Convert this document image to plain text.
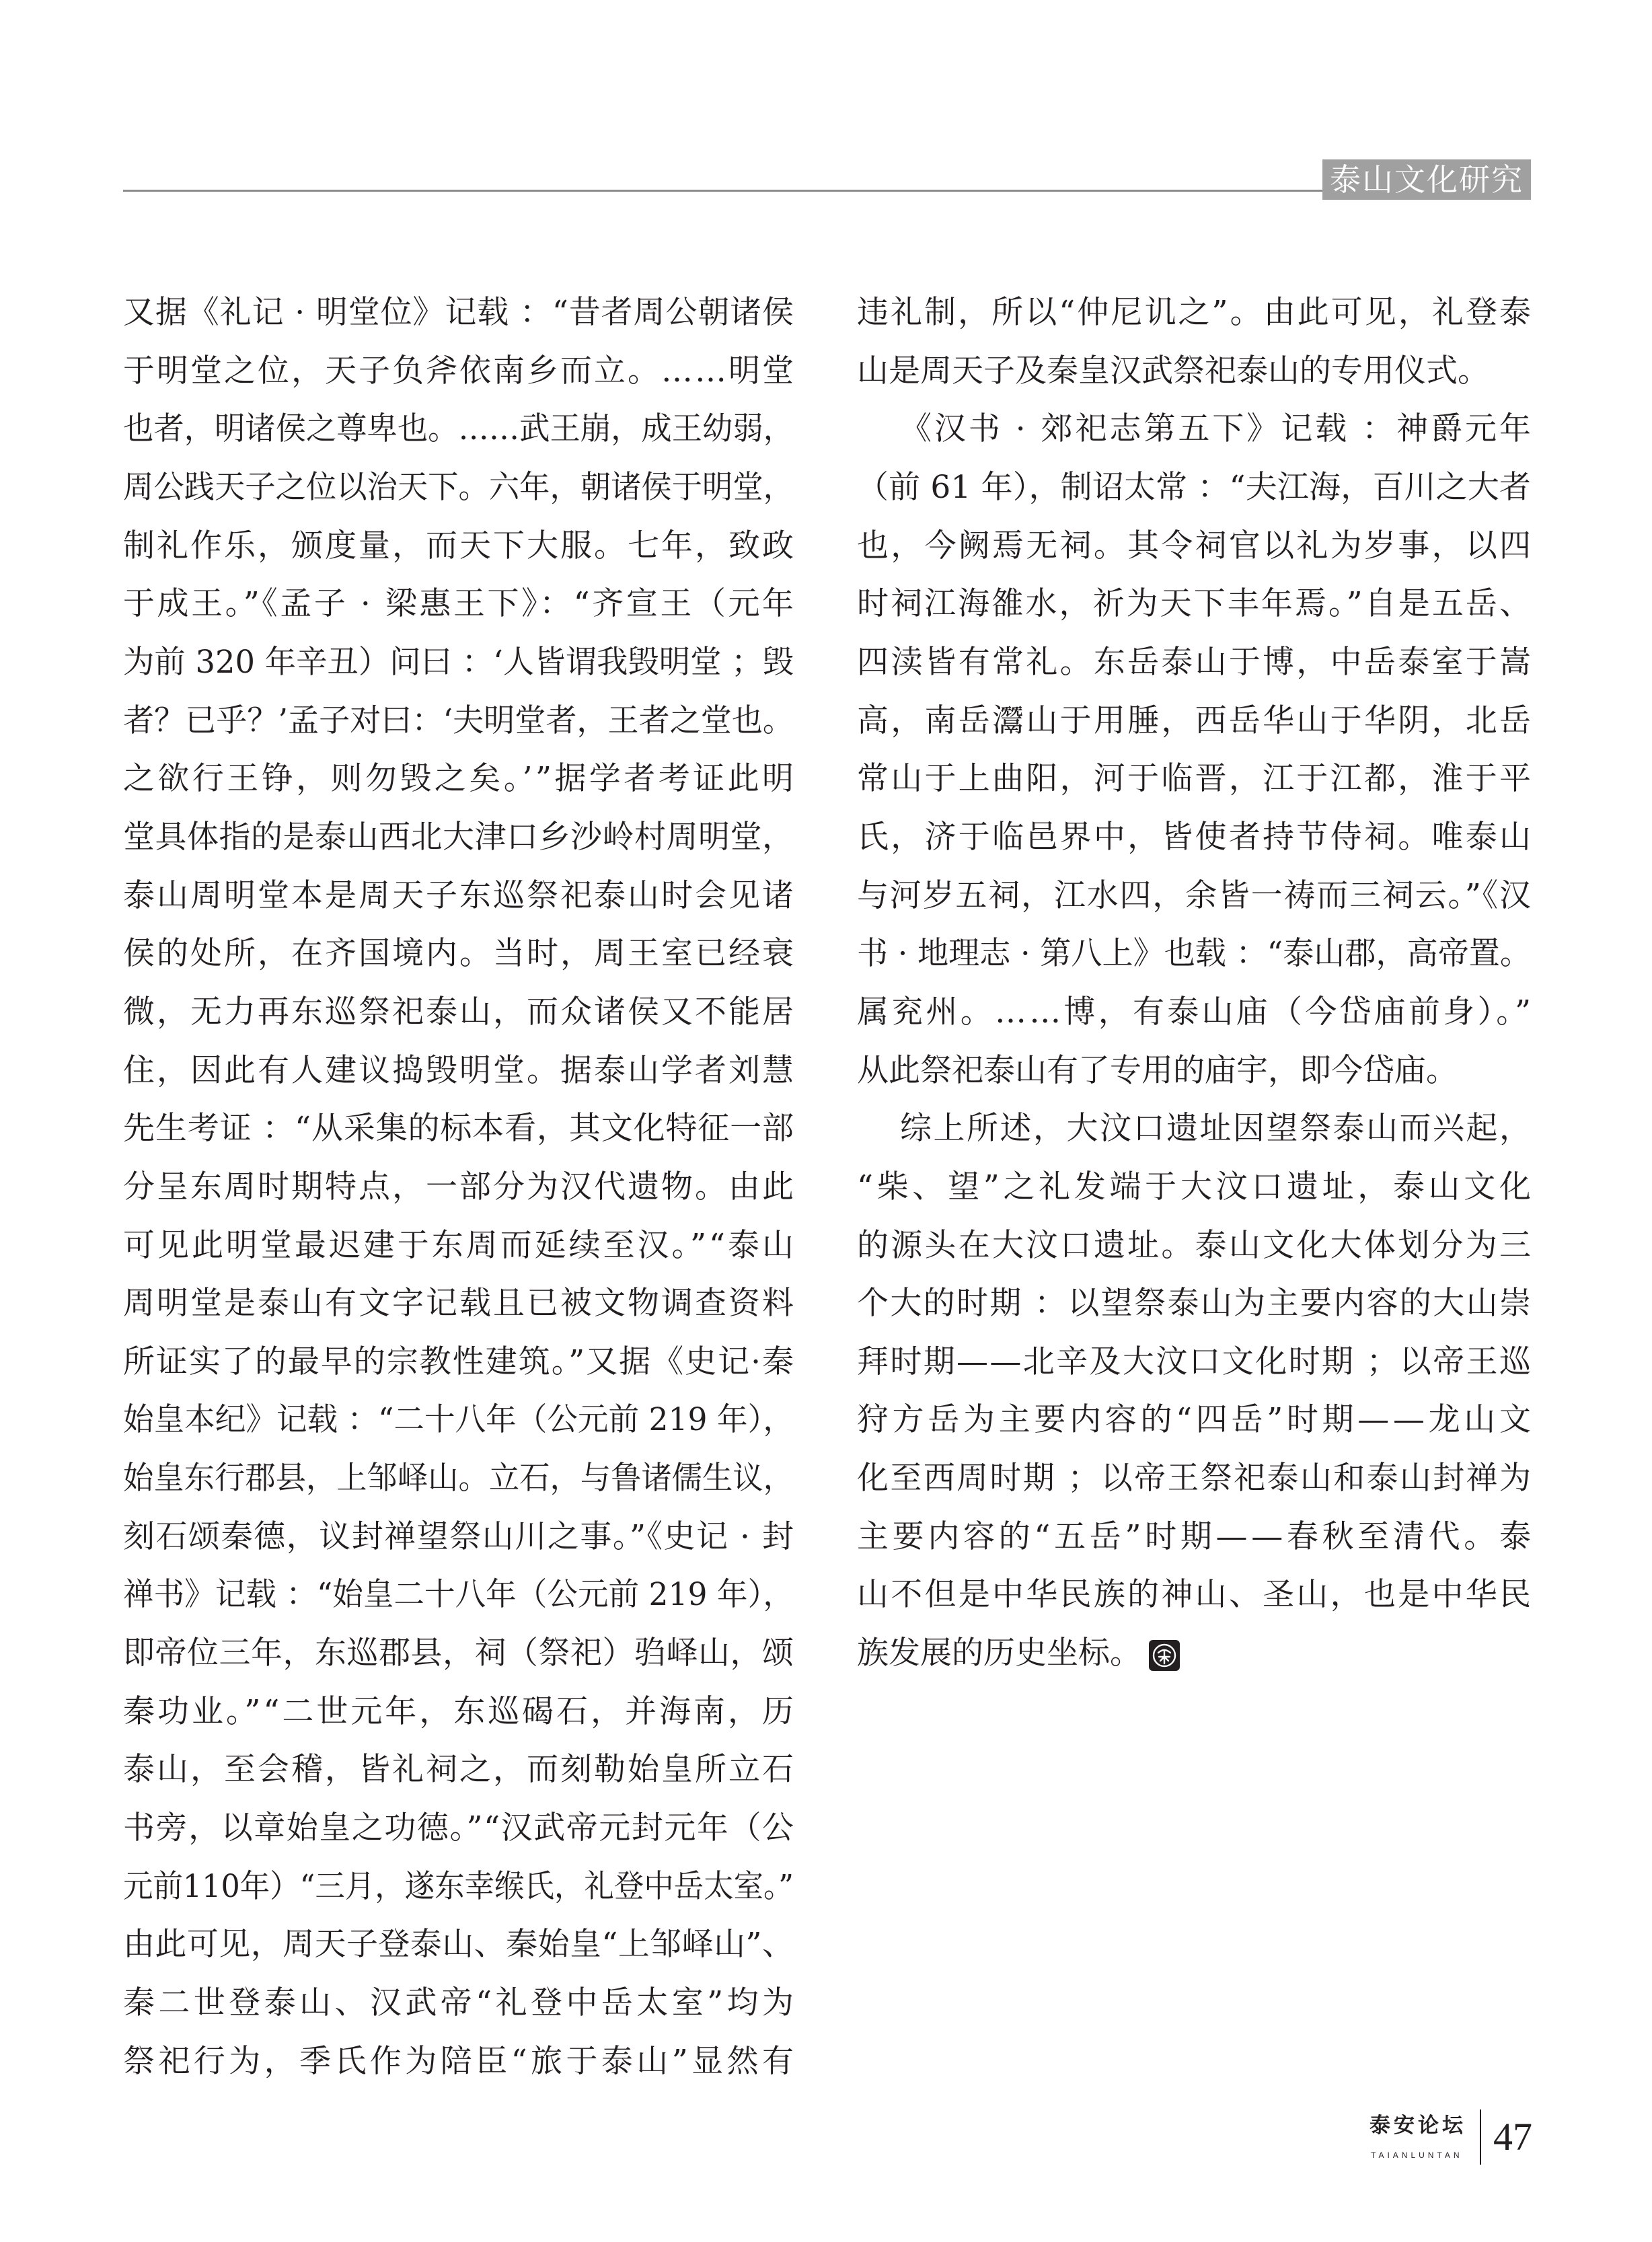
泰山文化研究
又据《礼记 · 明堂位》记载 ：“昔者周公朝诸侯
于明堂之位，天子负斧依南乡而立。……明堂
也者，明诸侯之尊卑也。……武王崩，成王幼弱，
周公践天子之位以治天下。六年，朝诸侯于明堂，
制礼作乐，颁度量，而天下大服。七年，致政
于成王。”《孟子 · 梁惠王下》：“齐宣王（元年
为前 320 年辛丑）问曰 ：‘人皆谓我毁明堂 ；毁
者？已乎？’孟子对曰：‘夫明堂者，王者之堂也。
之欲行王铮，则勿毁之矣。’”据学者考证此明
堂具体指的是泰山西北大津口乡沙岭村周明堂，
泰山周明堂本是周天子东巡祭祀泰山时会见诸
侯的处所，在齐国境内。当时，周王室已经衰
微，无力再东巡祭祀泰山，而众诸侯又不能居
住，因此有人建议捣毁明堂。据泰山学者刘慧
先生考证 ：“从采集的标本看，其文化特征一部
分呈东周时期特点，一部分为汉代遗物。由此
可见此明堂最迟建于东周而延续至汉。”“泰山
周明堂是泰山有文字记载且已被文物调查资料
所证实了的最早的宗教性建筑。”又据《史记·秦
始皇本纪》记载 ：“二十八年（公元前 219 年），
始皇东行郡县，上邹峄山。立石，与鲁诸儒生议，
刻石颂秦德，议封禅望祭山川之事。”《史记 · 封
禅书》记载 ：“始皇二十八年（公元前 219 年），
即帝位三年，东巡郡县，祠（祭祀）驺峄山，颂
秦功业。”“二世元年，东巡碣石，并海南，历
泰山，至会稽，皆礼祠之，而刻勒始皇所立石
书旁，以章始皇之功德。”“汉武帝元封元年（公
元前110年）“三月，遂东幸缑氏，礼登中岳太室。”
由此可见，周天子登泰山、秦始皇“上邹峄山”、
秦二世登泰山、汉武帝“礼登中岳太室”均为
祭祀行为，季氏作为陪臣“旅于泰山”显然有
违礼制，所以“仲尼讥之”。由此可见，礼登泰
山是周天子及秦皇汉武祭祀泰山的专用仪式。
《汉书 · 郊祀志第五下》记载 ：神爵元年
（前 61 年），制诏太常 ：“夫江海，百川之大者
也，今阙焉无祠。其令祠官以礼为岁事，以四
时祠江海雒水，祈为天下丰年焉。”自是五岳、
四渎皆有常礼。东岳泰山于博，中岳泰室于嵩
高，南岳灊山于用腄，西岳华山于华阴，北岳
常山于上曲阳，河于临晋，江于江都，淮于平
氏，济于临邑界中，皆使者持节侍祠。唯泰山
与河岁五祠，江水四，余皆一祷而三祠云。”《汉
书 · 地理志 · 第八上》也载 ：“泰山郡，高帝置。
属兖州。……博，有泰山庙（今岱庙前身）。”
从此祭祀泰山有了专用的庙宇，即今岱庙。
综上所述，大汶口遗址因望祭泰山而兴起，
“柴、望”之礼发端于大汶口遗址，泰山文化
的源头在大汶口遗址。泰山文化大体划分为三
个大的时期 ：以望祭泰山为主要内容的大山崇
拜时期——北辛及大汶口文化时期 ；以帝王巡
狩方岳为主要内容的“四岳”时期——龙山文
化至西周时期 ；以帝王祭祀泰山和泰山封禅为
主要内容的“五岳”时期——春秋至清代。泰
山不但是中华民族的神山、圣山，也是中华民
族发展的历史坐标。
泰安论坛
TAIANLUNTAN 47
